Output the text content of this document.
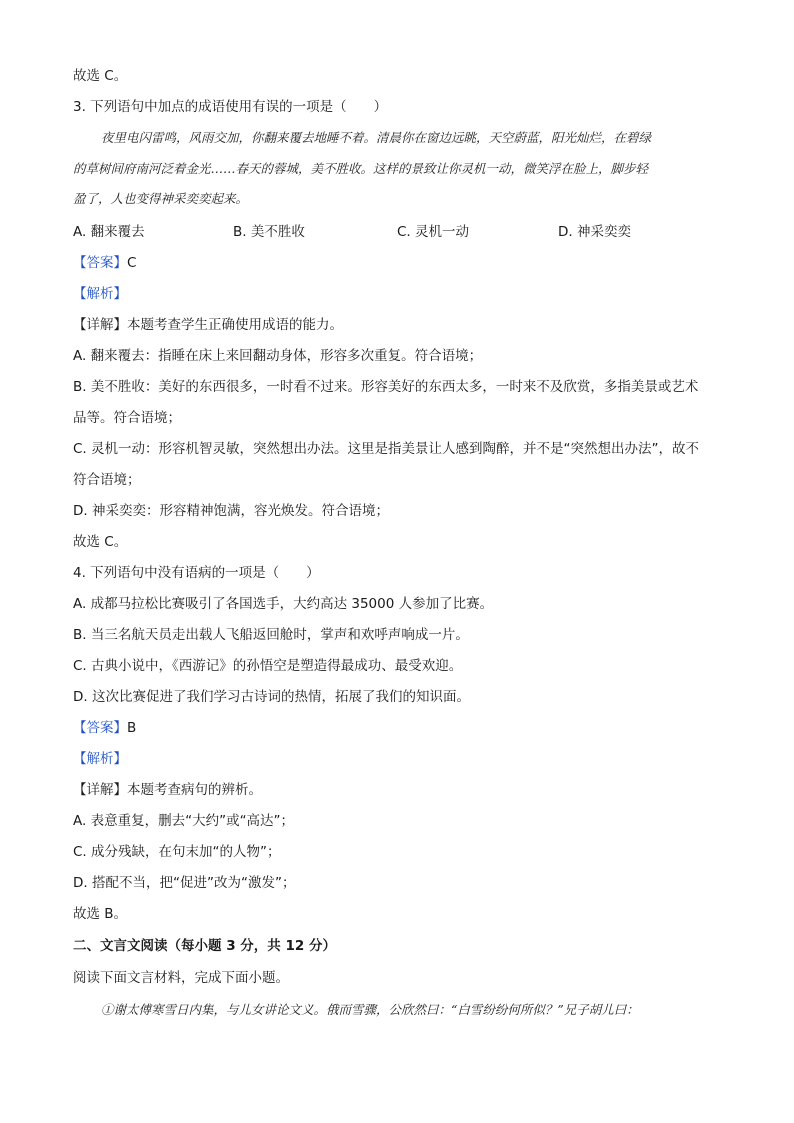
故选 C。
3. 下列语句中加点的成语使用有误的一项是（　　）
夜里电闪雷鸣，风雨交加，你翻来覆去地睡不着。清晨你在窗边远眺，天空蔚蓝，阳光灿烂，在碧绿
的草树间府南河泛着金光……春天的蓉城，美不胜收。这样的景致让你灵机一动，微笑浮在脸上，脚步轻
盈了，人也变得神采奕奕起来。
A. 翻来覆去	B. 美不胜收	C. 灵机一动	D. 神采奕奕
【答案】C
【解析】
【详解】本题考查学生正确使用成语的能力。
A. 翻来覆去：指睡在床上来回翻动身体，形容多次重复。符合语境；
B. 美不胜收：美好的东西很多，一时看不过来。形容美好的东西太多，一时来不及欣赏，多指美景或艺术
品等。符合语境；
C. 灵机一动：形容机智灵敏，突然想出办法。这里是指美景让人感到陶醉，并不是“突然想出办法”，故不
符合语境；
D. 神采奕奕：形容精神饱满，容光焕发。符合语境；
故选 C。
4. 下列语句中没有语病的一项是（　　）
A. 成都马拉松比赛吸引了各国选手，大约高达 35000 人参加了比赛。
B. 当三名航天员走出载人飞船返回舱时，掌声和欢呼声响成一片。
C. 古典小说中，《西游记》的孙悟空是塑造得最成功、最受欢迎。
D. 这次比赛促进了我们学习古诗词的热情，拓展了我们的知识面。
【答案】B
【解析】
【详解】本题考查病句的辨析。
A. 表意重复，删去“大约”或“高达”；
C. 成分残缺，在句末加“的人物”；
D. 搭配不当，把“促进”改为“激发”；
故选 B。
二、文言文阅读（每小题 3 分，共 12 分）
阅读下面文言材料，完成下面小题。
①谢太傅寒雪日内集，与儿女讲论文义。俄而雪骤，公欣然曰：“白雪纷纷何所似？”兄子胡儿曰：
